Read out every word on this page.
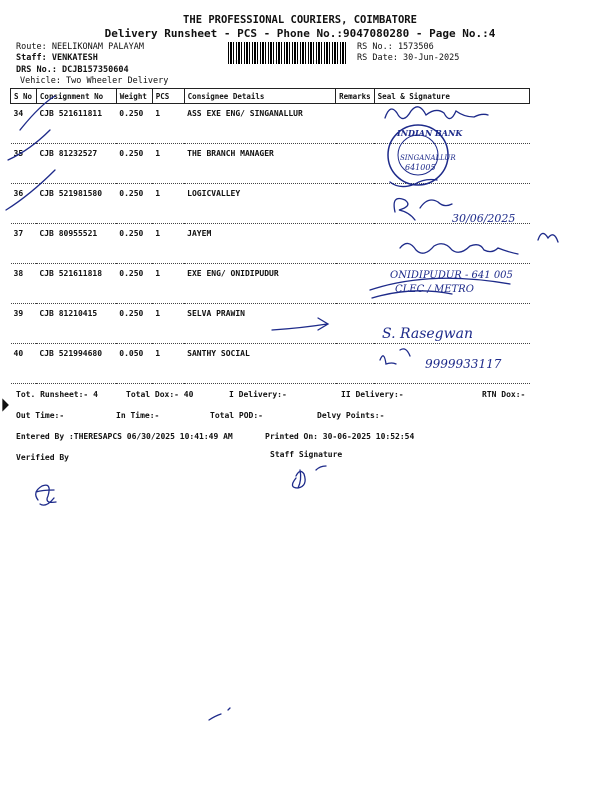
THE PROFESSIONAL COURIERS, COIMBATORE
Delivery Runsheet - PCS - Phone No.:9047080280 - Page No.:4
Route: NEELIKONAM PALAYAM
Staff: VENKATESH
DRS No.: DCJB157350604
Vehicle: Two Wheeler Delivery
RS No.: 1573506
RS Date: 30-Jun-2025
S No	Consignment No	Weight	PCS	Consignee Details	Remarks	Seal & Signature
34	CJB 521611811	0.250	1	ASS EXE ENG/ SINGANALLUR		
35	CJB 81232527	0.250	1	THE BRANCH MANAGER		
36	CJB 521981580	0.250	1	LOGICVALLEY		
37	CJB 80955521	0.250	1	JAYEM		
38	CJB 521611818	0.250	1	EXE ENG/ ONIDIPUDUR		
39	CJB 81210415	0.250	1	SELVA PRAWIN		
40	CJB 521994680	0.050	1	SANTHY SOCIAL		
INDIAN BANK
SINGANALLUR
641005
30/06/2025
ONIDIPUDUR - 641 005
CLEC / METRO
S. Rasegwan
9999933117
Tot. Runsheet:- 4	Total Dox:- 40	I Delivery:-	II Delivery:-	RTN Dox:-
Out Time:-	In Time:-	Total POD:-	Delvy Points:-
Entered By :THERESAPCS 06/30/2025 10:41:49 AM	Printed On: 30-06-2025 10:52:54
Verified By	Staff Signature
